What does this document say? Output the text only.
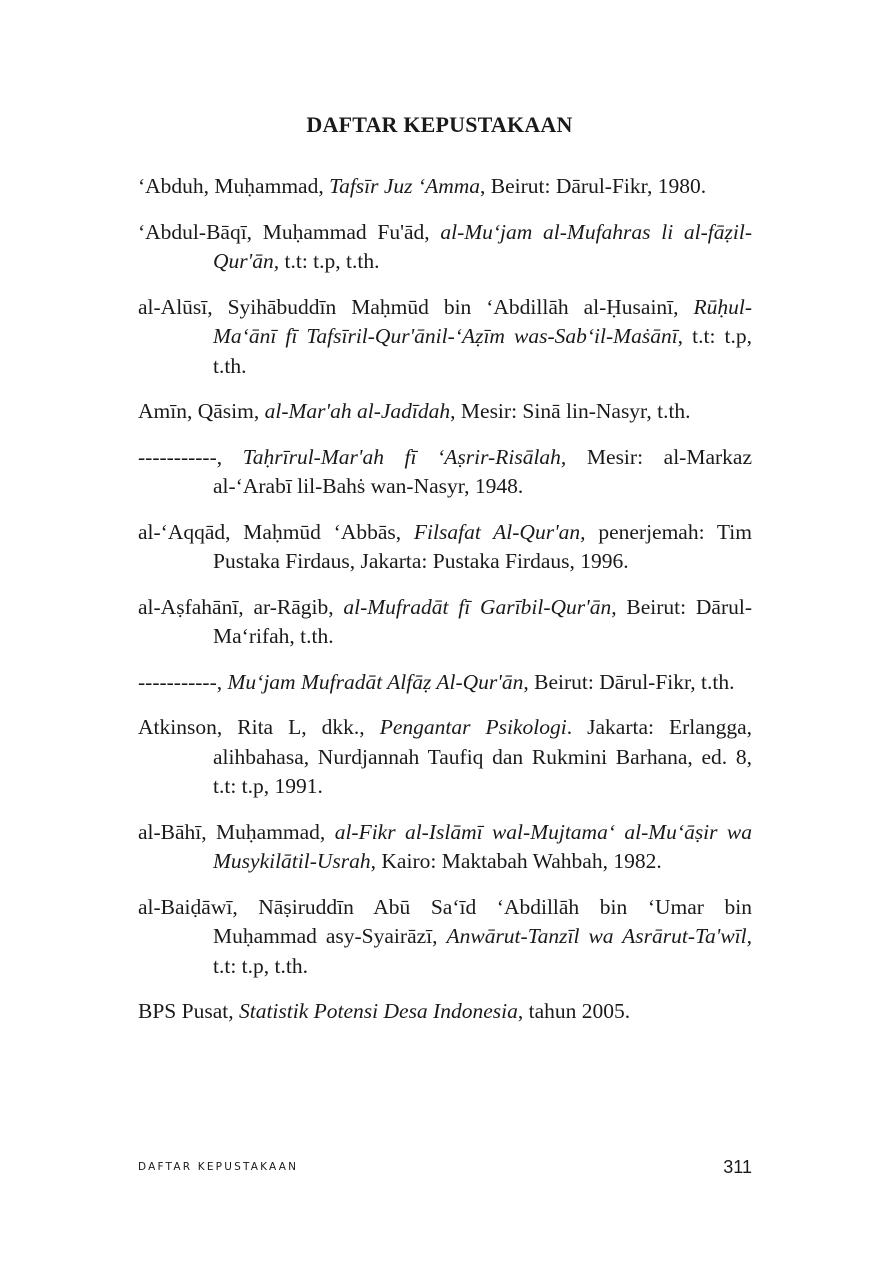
DAFTAR KEPUSTAKAAN

‘Abduh, Muḥammad, Tafsīr Juz ‘Amma, Beirut: Dārul-Fikr, 1980.

‘Abdul-Bāqī, Muḥammad Fu'ād, al-Mu‘jam al-Mufahras li al-fāẓil-Qur'ān, t.t: t.p, t.th.

al-Alūsī, Syihābuddīn Maḥmūd bin ‘Abdillāh al-Ḥusainī, Rūḥul-Ma‘ānī fī Tafsīril-Qur'ānil-‘Aẓīm was-Sab‘il-Maṡānī, t.t: t.p, t.th.

Amīn, Qāsim, al-Mar'ah al-Jadīdah, Mesir: Sinā lin-Nasyr, t.th.

-----------, Taḥrīrul-Mar'ah fī ‘Aṣrir-Risālah, Mesir: al-Markaz al-‘Arabī lil-Bahṡ wan-Nasyr, 1948.

al-‘Aqqād, Maḥmūd ‘Abbās, Filsafat Al-Qur'an, penerjemah: Tim Pustaka Firdaus, Jakarta: Pustaka Firdaus, 1996.

al-Aṣfahānī, ar-Rāgib, al-Mufradāt fī Garībil-Qur'ān, Beirut: Dārul-Ma‘rifah, t.th.

-----------, Mu‘jam Mufradāt Alfāẓ Al-Qur'ān, Beirut: Dārul-Fikr, t.th.

Atkinson, Rita L, dkk., Pengantar Psikologi. Jakarta: Erlangga, alihbahasa, Nurdjannah Taufiq dan Rukmini Barhana, ed. 8, t.t: t.p, 1991.

al-Bāhī, Muḥammad, al-Fikr al-Islāmī wal-Mujtama‘ al-Mu‘āṣir wa Musykilātil-Usrah, Kairo: Maktabah Wahbah, 1982.

al-Baiḍāwī, Nāṣiruddīn Abū Sa‘īd ‘Abdillāh bin ‘Umar bin Muḥammad asy-Syairāzī, Anwārut-Tanzīl wa Asrārut-Ta'wīl, t.t: t.p, t.th.

BPS Pusat, Statistik Potensi Desa Indonesia, tahun 2005.

DAFTAR KEPUSTAKAAN	311
